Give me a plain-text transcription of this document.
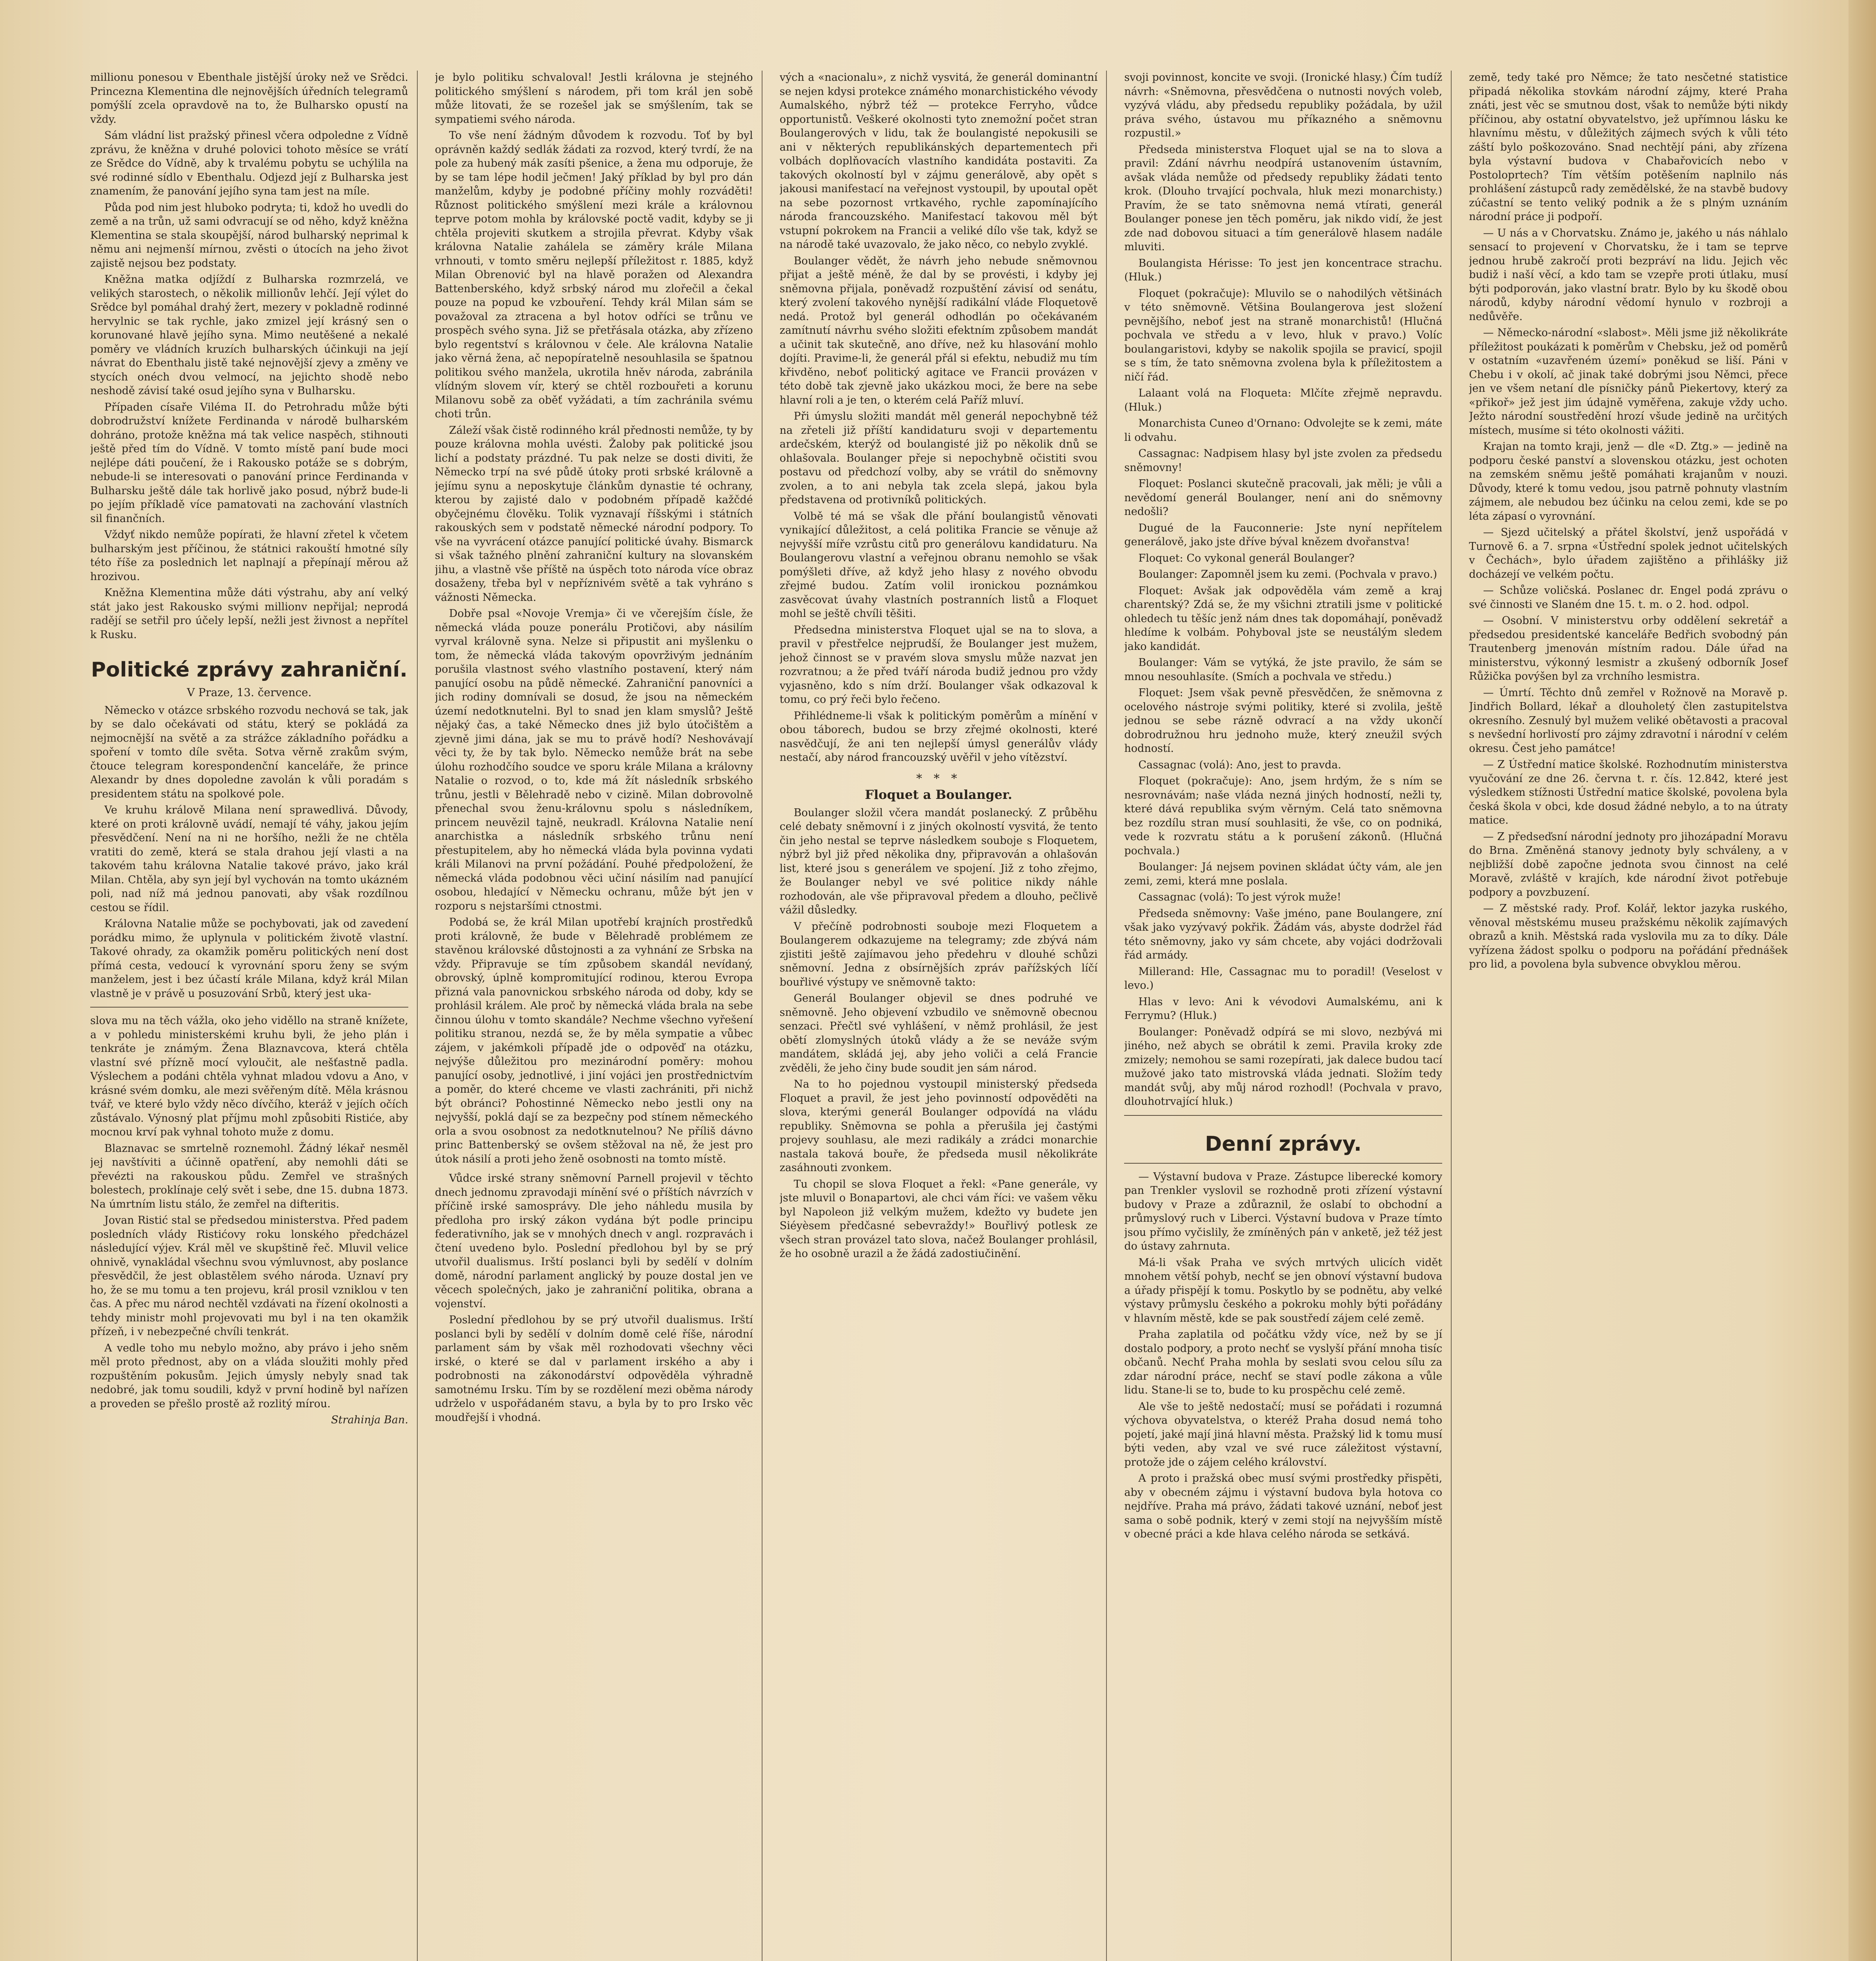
millionu ponesou v Ebenthale jistější úroky než ve Srědci. Princezna Klementina dle nejnovějších úředních telegramů pomýšlí zcela opravdově na to, že Bulharsko opustí na vždy.

Sám vládní list pražský přinesl včera odpoledne z Vídně zprávu, že kněžna v druhé polovici tohoto měsíce se vrátí ze Srědce do Vídně, aby k trvalému pobytu se uchýlila na své rodinné sídlo v Ebenthalu. Odjezd její z Bulharska jest znamením, že panování jejího syna tam jest na míle.

Půda pod nim jest hluboko podryta; ti, kdož ho uvedli do země a na trůn, už sami odvracují se od něho, když kněžna Klementina se stala skoupější, národ bulharský neprimal k němu ani nejmenší mírnou, zvěsti o útocích na jeho život zajistě nejsou bez podstaty.

Kněžna matka odjíždí z Bulharska rozmrzelá, ve velikých starostech, o několik millionův lehčí. Její výlet do Srědce byl pomáhal drahý žert, mezery v pokladně rodinné hervylnic se tak rychle, jako zmizel její krásný sen o korunované hlavě jejího syna. Mimo neutěšené a nekalé poměry ve vládních kruzích bulharských účinkuji na její návrat do Ebenthalu jistě také nejnovější zjevy a změny ve stycích onéch dvou velmocí, na jejichto shodě nebo neshodě závisí také osud jejího syna v Bulharsku.

Případen císaře Viléma II. do Petrohradu může býti dobrodružství knížete Ferdinanda v národě bulharském dohráno, protože kněžna má tak velice naspěch, stihnouti ještě před tím do Vídně. V tomto místě paní bude moci nejlépe dáti poučení, že i Rakousko potáže se s dobrým, nebude-li se interesovati o panování prince Ferdinanda v Bulharsku ještě dále tak horlivě jako posud, nýbrž bude-li po jejím příkladě více pamatovati na zachování vlastních sil finančních.

Vždyť nikdo nemůže popírati, že hlavní zřetel k včetem bulharským jest příčinou, že státnici rakouští hmotné síly této říše za poslednich let naplnají a přepínají měrou až hrozivou.

Kněžna Klementina může dáti výstrahu, aby aní velký stát jako jest Rakousko svými millionv nepřijal; neprodá radějí se setřil pro účely lepší, nežli jest živnost a nepřítel k Rusku.

Politické zprávy zahraniční.
V Praze, 13. července.

Německo v otázce srbského rozvodu nechová se tak, jak by se dalo očekávati od státu, který se pokládá za nejmocnější na světě a za strážce základního pořádku a spoření v tomto díle světa. Sotva věrně zrakům svým, čtouce telegram korespondenční kanceláře, že prince Alexandr by dnes dopoledne zavolán k vůli poradám s presidentem státu na spolkové pole.

Ve kruhu králově Milana není sprawedlivá. Důvody, které on proti královně uvádí, nemají té váhy, jakou jejím přesvědčení. Není na ni ne horšího, nežli že ne chtěla vratiti do země, která se stala drahou její vlasti a na takovém tahu královna Natalie takové právo, jako král Milan. Chtěla, aby syn její byl vychován na tomto ukázném poli, nad níž má jednou panovati, aby však rozdílnou cestou se řídil.

Královna Natalie může se pochybovati, jak od zavedení porádku mimo, že uplynula v politickém životě vlastní. Takové ohrady, za okamžik poměru politických není dost přímá cesta, vedoucí k vyrovnání sporu ženy se svým manželem, jest i bez účastí krále Milana, když král Milan vlastně je v právě u posuzování Srbů, který jest uka-

slova mu na těch vážla, oko jeho viděllo na straně knížete, a v pohledu ministerskémi kruhu byli, že jeho plán i tenkráte je známým. Žena Blaznavcova, která chtěla vlastní své přízně mocí vyloučit, ale nešťastně padla. Výslechem a podáni chtěla vyhnat mladou vdovu a Ano, v krásné svém domku, ale mezi svěřeným dítě. Měla krásnou tvář, ve které bylo vždy něco dívčího, kteráž v jejích očích zůstávalo. Výnosný plat příjmu mohl způsobiti Ristiće, aby mocnou krví pak vyhnal tohoto muže z domu.

Blaznavac se smrtelně roznemohl. Žádný lékař nesměl jej navštíviti a účinně opatření, aby nemohli dáti se převézti na rakouskou půdu. Zemřel ve strašných bolestech, proklínaje celý svět i sebe, dne 15. dubna 1873. Na úmrtním listu stálo, že zemřel na difteritis.

Jovan Ristić stal se předsedou ministerstva. Před padem posledních vlády Ristićovy roku lonského předcházel následující výjev. Král měl ve skupštině řeč. Mluvil velice ohnivě, vynakládal všechnu svou výmluvnost, aby poslance přesvědčil, že jest oblastělem svého národa. Uznaví pry ho, že se mu tomu a ten projevu, král prosil vzniklou v ten čas. A přec mu národ nechtěl vzdávati na řízení okolnosti a tehdy ministr mohl projevovati mu byl i na ten okamžik přízeň, i v nebezpečné chvíli tenkrát.

A vedle toho mu nebylo možno, aby právo i jeho sněm měl proto přednost, aby on a vláda sloužiti mohly před rozpuštěním pokusům. Jejich úmysly nebyly snad tak nedobré, jak tomu soudili, když v první hodině byl nařízen a proveden se přešlo prostě až rozlitý mírou.

Strahinja Ban.

je bylo politiku schvaloval! Jestli královna je stejného politického smýšlení s národem, při tom král jen sobě může litovati, že se rozešel jak se smýšlením, tak se sympatiemi svého národa.

To vše není žádným důvodem k rozvodu. Toť by byl oprávněn každý sedlák žádati za rozvod, který tvrdí, že na pole za hubený mák zasíti pšenice, a žena mu odporuje, že by se tam lépe hodil ječmen! Jaký příklad by byl pro dán manželům, kdyby je podobné příčiny mohly rozváděti! Různost politického smýšlení mezi krále a královnou teprve potom mohla by královské poctě vadit, kdyby se ji chtěla projeviti skutkem a strojila převrat. Kdyby však královna Natalie zahálela se záměry krále Milana vrhnouti, v tomto směru nejlepší příležitost r. 1885, když Milan Obrenović byl na hlavě poražen od Alexandra Battenberského, když srbský národ mu zlořečil a čekal pouze na popud ke vzbouření. Tehdy král Milan sám se považoval za ztracena a byl hotov odříci se trůnu ve prospěch svého syna. Již se přetřásala otázka, aby zřízeno bylo regentství s královnou v čele. Ale královna Natalie jako věrná žena, ač nepopíratelně nesouhlasila se špatnou politikou svého manžela, ukrotila hněv národa, zabránila vlídným slovem vír, který se chtěl rozbouřeti a korunu Milanovu sobě za oběť vyžádati, a tím zachránila svému choti trůn.

Záleží však čistě rodinného král přednosti nemůže, ty by pouze královna mohla uvésti. Žaloby pak politické jsou lichí a podstaty prázdné. Tu pak nelze se dosti diviti, že Německo trpí na své půdě útoky proti srbské královně a jejímu synu a neposkytuje článkům dynastie té ochrany, kterou by zajisté dalo v podobném případě kažčdé obyčejnému člověku. Tolik vyznavají říšskými i státních rakouských sem v podstatě německé národní podpory. To vše na vyvrácení otázce panující politické úvahy. Bismarck si však tažného plnění zahraniční kultury na slovanském jihu, a vlastně vše příště na úspěch toto národa více obraz dosaženy, třeba byl v nepříznivém světě a tak vyhráno s vážnosti Německa.

Dobře psal «Novoje Vremja» či ve včerejším čísle, že německá vláda pouze ponerálu Protičovi, aby násilím vyrval královně syna. Nelze si připustit ani myšlenku o tom, že německá vláda takovým opovrživým jednáním porušila vlastnost svého vlastního postavení, který nám panující osobu na půdě německé. Zahraniční panovníci a jich rodiny domnívali se dosud, že jsou na německém území nedotknutelni. Byl to snad jen klam smyslů? Ještě nějaký čas, a také Německo dnes již bylo útočištěm a zjevně jimi dána, jak se mu to právě hodí? Neshovávají věci ty, že by tak bylo. Německo nemůže brát na sebe úlohu rozhodčího soudce ve sporu krále Milana a královny Natalie o rozvod, o to, kde má žít následník srbského trůnu, jestli v Bělehradě nebo v cizině. Milan dobrovolně přenechal svou ženu-královnu spolu s následníkem, princem neuvězil tajně, neukradl. Královna Natalie není anarchistka a následník srbského trůnu není přestupitelem, aby ho německá vláda byla povinna vydati králi Milanovi na první požádání. Pouhé předpoložení, že německá vláda podobnou věci učiní násilím nad panující osobou, hledající v Německu ochranu, může být jen v rozporu s nejstaršími ctnostmi.

Podobá se, že král Milan upotřebí krajních prostředků proti královně, že bude v Bělehradě problémem ze stavěnou královské důstojnosti a za vyhnání ze Srbska na vždy. Připravuje se tím způsobem skandál nevídaný, obrovský, úplně kompromitující rodinou, kterou Evropa přizná vala panovnickou srbského národa od doby, kdy se prohlásil králem. Ale proč by německá vláda brala na sebe činnou úlohu v tomto skandále? Nechme všechno vyřešení politiku stranou, nezdá se, že by měla sympatie a vůbec zájem, v jakémkoli případě jde o odpověď na otázku, nejvýše důležitou pro mezinárodní poměry: mohou panující osoby, jednotlivé, i jiní vojáci jen prostřednictvím a poměr, do které chceme ve vlasti zachrániti, při nichž být obránci? Pohostinné Německo nebo jestli ony na nejvyšší, poklá dají se za bezpečny pod stínem německého orla a svou osobnost za nedotknutelnou? Ne příliš dávno princ Battenberský se ovšem stěžoval na ně, že jest pro útok násilí a proti jeho ženě osobnosti na tomto místě.

Vůdce irské strany sněmovní Parnell projevil v těchto dnech jednomu zpravodaji mínění své o příštích návrzích v příčině irské samosprávy. Dle jeho náhledu musila by předloha pro irský zákon vydána být podle principu federativního, jak se v mnohých dnech v angl. rozpravách i čtení uvedeno bylo. Poslední předlohou byl by se prý utvořil dualismus. Irští poslanci byli by sedělí v dolním domě, národní parlament anglický by pouze dostal jen ve věcech společných, jako je zahraniční politika, obrana a vojenství.

Poslední předlohou by se prý utvořil dualismus. Irští poslanci byli by sedělí v dolním domě celé říše, národní parlament sám by však měl rozhodovati všechny věci irské, o které se dal v parlament irského a aby i podrobnosti na zákonodárství odpověděla výhradně samotnému Irsku. Tím by se rozdělení mezi oběma národy udrželo v uspořádaném stavu, a byla by to pro Irsko věc moudřejší i vhodná.

vých a «nacionalu», z nichž vysvitá, že generál dominantní se nejen kdysi protekce známého monarchistického vévody Aumalského, nýbrž též — protekce Ferryho, vůdce opportunistů. Veškeré okolnosti tyto znemožní počet stran Boulangerových v lidu, tak že boulangisté nepokusili se ani v některých republikánských departementech při volbách doplňovacích vlastního kandidáta postaviti. Za takových okolností byl v zájmu generálově, aby opět s jakousi manifestací na veřejnost vystoupil, by upoutal opět na sebe pozornost vrtkavého, rychle zapomínajícího národa francouzského. Manifestací takovou měl být vstupní pokrokem na Francii a veliké dílo vše tak, když se na národě také uvazovalo, že jako něco, co nebylo zvyklé.

Boulanger vědět, že návrh jeho nebude sněmovnou přijat a ještě méně, že dal by se provésti, i kdyby jej sněmovna přijala, poněvadž rozpuštění závisí od senátu, který zvolení takového nynější radikální vláde Floquetově nedá. Protož byl generál odhodlán po očekávaném zamítnutí návrhu svého složiti efektním způsobem mandát a učinit tak skutečně, ano dříve, než ku hlasování mohlo dojíti. Pravime-li, že generál přál si efektu, nebudiž mu tím křivděno, neboť politický agitace ve Francii provázen v této době tak zjevně jako ukázkou moci, že bere na sebe hlavní roli a je ten, o kterém celá Paříž mluví.

Při úmyslu složiti mandát měl generál nepochybně též na zřeteli již příští kandidaturu svoji v departementu ardečském, kterýž od boulangisté již po několik dnů se ohlašovala. Boulanger přeje si nepochybně očistiti svou postavu od předchozí volby, aby se vrátil do sněmovny zvolen, a to ani nebyla tak zcela slepá, jakou byla představena od protivníků politických.

Volbě té má se však dle přání boulangistů věnovati vynikající důležitost, a celá politika Francie se věnuje až nejvyšší míře vzrůstu citů pro generálovu kandidaturu. Na Boulangerovu vlastní a veřejnou obranu nemohlo se však pomýšleti dříve, až když jeho hlasy z nového obvodu zřejmé budou. Zatím volil ironickou poznámkou zasvěcovat úvahy vlastních postranních listů a Floquet mohl se ještě chvíli těšiti.

Předsedna ministerstva Floquet ujal se na to slova, a pravil v přestřelce nejprudší, že Boulanger jest mužem, jehož činnost se v pravém slova smyslu může nazvat jen rozvratnou; a že před tváří národa budiž jednou pro vždy vyjasněno, kdo s ním drží. Boulanger však odkazoval k tomu, co prý řeči bylo řečeno.

Přihlédneme-li však k politickým poměrům a mínění v obou táborech, budou se brzy zřejmé okolnosti, které nasvědčují, že ani ten nejlepší úmysl generálův vlády nestačí, aby národ francouzský uvěřil v jeho vítězství.

* * *
Floquet a Boulanger.

Boulanger složil včera mandát poslanecký. Z průběhu celé debaty sněmovní i z jiných okolností vysvitá, že tento čin jeho nestal se teprve následkem souboje s Floquetem, nýbrž byl již před několika dny, připravován a ohlašován list, které jsou s generálem ve spojení. Již z toho zřejmo, že Boulanger nebyl ve své politice nikdy náhle rozhodován, ale vše připravoval předem a dlouho, pečlivě vážil důsledky.

V přečíně podrobnosti souboje mezi Floquetem a Boulangerem odkazujeme na telegramy; zde zbývá nám zjistiti ještě zajímavou jeho předehru v dlouhé schůzi sněmovní. Jedna z obsírnějších zpráv pařížských líčí bouřlivé výstupy ve sněmovně takto:

Generál Boulanger objevil se dnes podruhé ve sněmovně. Jeho objevení vzbudilo ve sněmovně obecnou senzaci. Přečtl své vyhlášení, v němž prohlásil, že jest obětí zlomyslných útoků vlády a že se neváže svým mandátem, skládá jej, aby jeho voliči a celá Francie zvěděli, že jeho činy bude soudit jen sám národ.

Na to ho pojednou vystoupil ministerský předseda Floquet a pravil, že jest jeho povinností odpověděti na slova, kterými generál Boulanger odpovídá na vládu republiky. Sněmovna se pohla a přerušila jej častými projevy souhlasu, ale mezi radikály a zrádci monarchie nastala taková bouře, že předseda musil několikráte zasáhnouti zvonkem.

Tu chopil se slova Floquet a řekl: «Pane generále, vy jste mluvil o Bonapartovi, ale chci vám říci: ve vašem věku byl Napoleon již velkým mužem, kdežto vy budete jen Siéyèsem předčasné sebevraždy!» Bouřlivý potlesk ze všech stran provázel tato slova, načež Boulanger prohlásil, že ho osobně urazil a že žádá zadostiučinění.

svoji povinnost, koncite ve svoji. (Ironické hlasy.) Čím tudíž návrh: «Sněmovna, přesvědčena o nutnosti nových voleb, vyzývá vládu, aby předsedu republiky požádala, by užil práva svého, ústavou mu příkazného a sněmovnu rozpustil.»

Předseda ministerstva Floquet ujal se na to slova a pravil: Zdání návrhu neodpírá ustanovením ústavním, avšak vláda nemůže od předsedy republiky žádati tento krok. (Dlouho trvající pochvala, hluk mezi monarchisty.) Pravím, že se tato sněmovna nemá vtírati, generál Boulanger ponese jen těch poměru, jak nikdo vidí, že jest zde nad dobovou situaci a tím generálově hlasem nadále mluviti.

Boulangista Hérisse: To jest jen koncentrace strachu. (Hluk.)

Floquet (pokračuje): Mluvilo se o nahodilých většinách v této sněmovně. Většina Boulangerova jest složení pevnějšího, neboť jest na straně monarchistů! (Hlučná pochvala ve středu a v levo, hluk v pravo.) Volíc boulangaristovi, kdyby se nakolik spojila se pravicí, spojil se s tím, že tato sněmovna zvolena byla k příležitostem a ničí řád.

Lalaant volá na Floqueta: Mlčíte zřejmě nepravdu. (Hluk.)

Monarchista Cuneo d'Ornano: Odvolejte se k zemi, máte li odvahu.

Cassagnac: Nadpisem hlasy byl jste zvolen za předsedu sněmovny!

Floquet: Poslanci skutečně pracovali, jak měli; je vůli a nevědomí generál Boulanger, není ani do sněmovny nedošli?

Dugué de la Fauconnerie: Jste nyní nepřítelem generálově, jako jste dříve býval knězem dvořanstva!

Floquet: Co vykonal generál Boulanger?

Boulanger: Zapomněl jsem ku zemi. (Pochvala v pravo.)

Floquet: Avšak jak odpověděla vám země a kraj charentský? Zdá se, že my všichni ztratili jsme v politické ohledech tu těšíc jenž nám dnes tak dopomáhají, poněvadž hledíme k volbám. Pohyboval jste se neustálým sledem jako kandidát.

Boulanger: Vám se vytýká, že jste pravilo, že sám se mnou nesouhlasíte. (Smích a pochvala ve středu.)

Floquet: Jsem však pevně přesvědčen, že sněmovna z ocelového nástroje svými politiky, které si zvolila, ještě jednou se sebe rázně odvrací a na vždy ukončí dobrodružnou hru jednoho muže, který zneužil svých hodností.

Cassagnac (volá): Ano, jest to pravda.

Floquet (pokračuje): Ano, jsem hrdým, že s ním se nesrovnávám; naše vláda nezná jiných hodností, nežli ty, které dává republika svým věrným. Celá tato sněmovna bez rozdílu stran musí souhlasiti, že vše, co on podniká, vede k rozvratu státu a k porušení zákonů. (Hlučná pochvala.)

Boulanger: Já nejsem povinen skládat účty vám, ale jen zemi, zemi, která mne poslala.

Cassagnac (volá): To jest výrok muže!

Předseda sněmovny: Vaše jméno, pane Boulangere, zní však jako vyzývavý pokřik. Žádám vás, abyste dodržel řád této sněmovny, jako vy sám chcete, aby vojáci dodržovali řád armády.

Millerand: Hle, Cassagnac mu to poradil! (Veselost v levo.)

Hlas v levo: Ani k vévodovi Aumalskému, ani k Ferrymu? (Hluk.)

Boulanger: Poněvadž odpírá se mi slovo, nezbývá mi jiného, než abych se obrátil k zemi. Pravila kroky zde zmizely; nemohou se sami rozepírati, jak dalece budou tací mužové jako tato mistrovská vláda jednati. Složím tedy mandát svůj, aby můj národ rozhodl! (Pochvala v pravo, dlouhotrvající hluk.)

Denní zprávy.

— Výstavní budova v Praze. Zástupce liberecké komory pan Trenkler vyslovil se rozhodně proti zřízení výstavní budovy v Praze a zdůraznil, že oslabí to obchodní a průmyslový ruch v Liberci. Výstavní budova v Praze tímto jsou přímo vyčislily, že zmíněných pán v anketě, jež též jest do ústavy zahrnuta.

Má-li však Praha ve svých mrtvých ulicích vidět mnohem větší pohyb, nechť se jen obnoví výstavní budova a úřady přispějí k tomu. Poskytlo by se podnětu, aby velké výstavy průmyslu českého a pokroku mohly býti pořádány v hlavním městě, kde se pak soustředí zájem celé země.

Praha zaplatila od počátku vždy více, než by se jí dostalo podpory, a proto nechť se vyslyší přání mnoha tisíc občanů. Nechť Praha mohla by seslati svou celou sílu za zdar národní práce, nechť se staví podle zákona a vůle lidu. Stane-li se to, bude to ku prospěchu celé země.

Ale vše to ještě nedostačí; musí se pořádati i rozumná výchova obyvatelstva, o kteréž Praha dosud nemá toho pojetí, jaké mají jiná hlavní města. Pražský lid k tomu musí býti veden, aby vzal ve své ruce záležitost výstavní, protože jde o zájem celého království.

A proto i pražská obec musí svými prostředky přispěti, aby v obecném zájmu i výstavní budova byla hotova co nejdříve. Praha má právo, žádati takové uznání, neboť jest sama o sobě podnik, který v zemi stojí na nejvyšším místě v obecné práci a kde hlava celého národa se setkává.

země, tedy také pro Němce; že tato nesčetné statistice připadá několika stovkám národní zájmy, které Praha znáti, jest věc se smutnou dost, však to nemůže býti nikdy příčinou, aby ostatní obyvatelstvo, jež upřímnou lásku ke hlavnímu městu, v důležitých zájmech svých k vůli této záští bylo poškozováno. Snad nechtějí páni, aby zřízena byla výstavní budova v Chabařovicích nebo v Postoloprtech? Tím větším potěšením naplnilo nás prohlášení zástupců rady zemědělské, že na stavbě budovy zúčastní se tento veliký podnik a že s plným uznáním národní práce ji podpoří.

— U nás a v Chorvatsku. Známo je, jakého u nás náhlalo sensací to projevení v Chorvatsku, že i tam se teprve jednou hrubě zakročí proti bezpráví na lidu. Jejich věc budiž i naší věcí, a kdo tam se vzepře proti útlaku, musí býti podporován, jako vlastní bratr. Bylo by ku škodě obou národů, kdyby národní vědomí hynulo v rozbroji a nedůvěře.

— Německo-národní «slabost». Měli jsme již několikráte příležitost poukázati k poměrům v Chebsku, jež od poměrů v ostatním «uzavřeném území» poněkud se liší. Páni v Chebu i v okolí, ač jinak také dobrými jsou Němci, přece jen ve všem netaní dle písničky pánů Piekertovy, který za «přikoř» jež jest jim údajně vyměřena, zakuje vždy ucho. Ježto národní soustředění hrozí všude jedině na určitých místech, musíme si této okolnosti vážiti.

Krajan na tomto kraji, jenž — dle «D. Ztg.» — jedině na podporu české panství a slovenskou otázku, jest ochoten na zemském sněmu ještě pomáhati krajanům v nouzi. Důvody, které k tomu vedou, jsou patrně pohnuty vlastním zájmem, ale nebudou bez účinku na celou zemi, kde se po léta zápasí o vyrovnání.

— Sjezd učitelský a přátel školství, jenž uspořádá v Turnově 6. a 7. srpna «Ústřední spolek jednot učitelských v Čechách», bylo úřadem zajištěno a přihlášky již docházejí ve velkém počtu.

— Schůze voličská. Poslanec dr. Engel podá zprávu o své činnosti ve Slaném dne 15. t. m. o 2. hod. odpol.

— Osobní. V ministerstvu orby oddělení sekretář a předsedou presidentské kanceláře Bedřich svobodný pán Trautenberg jmenován místním radou. Dále úřad na ministerstvu, výkonný lesmistr a zkušený odborník Josef Růžička povýšen byl za vrchního lesmistra.

— Úmrtí. Těchto dnů zemřel v Rožnově na Moravě p. Jindřich Bollard, lékař a dlouholetý člen zastupitelstva okresního. Zesnulý byl mužem veliké obětavosti a pracoval s nevšední horlivostí pro zájmy zdravotní i národní v celém okresu. Čest jeho památce!

— Z Ústřední matice školské. Rozhodnutím ministerstva vyučování ze dne 26. června t. r. čís. 12.842, které jest výsledkem stížnosti Ústřední matice školské, povolena byla česká škola v obci, kde dosud žádné nebylo, a to na útraty matice.

— Z předseďsní národní jednoty pro jihozápadní Moravu do Brna. Změněná stanovy jednoty byly schváleny, a v nejbližší době započne jednota svou činnost na celé Moravě, zvláště v krajích, kde národní život potřebuje podpory a povzbuzení.

— Z městské rady. Prof. Kolář, lektor jazyka ruského, věnoval městskému museu pražskému několik zajímavých obrazů a knih. Městská rada vyslovila mu za to díky. Dále vyřízena žádost spolku o podporu na pořádání přednášek pro lid, a povolena byla subvence obvyklou měrou.
